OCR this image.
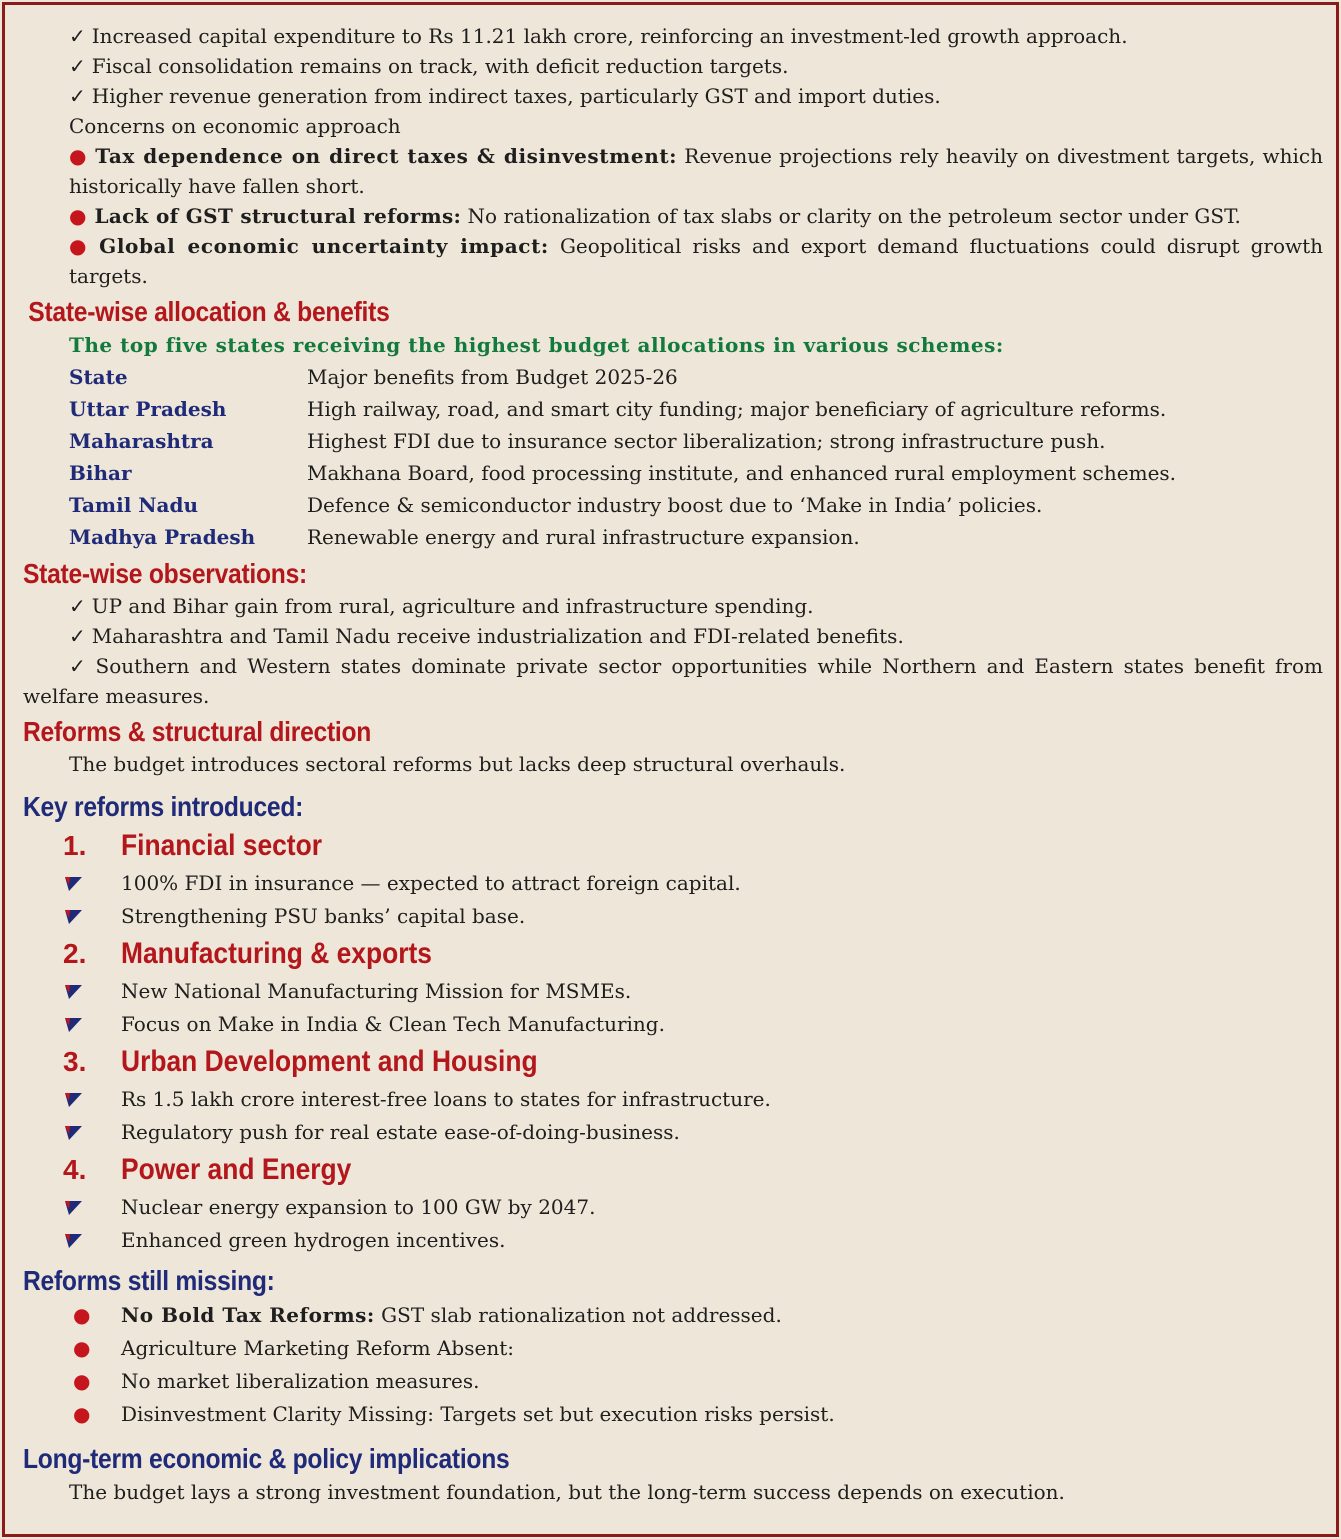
✓ Increased capital expenditure to Rs 11.21 lakh crore, reinforcing an investment-led growth approach.
✓ Fiscal consolidation remains on track, with deficit reduction targets.
✓ Higher revenue generation from indirect taxes, particularly GST and import duties.
Concerns on economic approach
● Tax dependence on direct taxes & disinvestment: Revenue projections rely heavily on divestment targets, which historically have fallen short.
● Lack of GST structural reforms: No rationalization of tax slabs or clarity on the petroleum sector under GST.
● Global economic uncertainty impact: Geopolitical risks and export demand fluctuations could disrupt growth targets.
State-wise allocation & benefits
The top five states receiving the highest budget allocations in various schemes:
State	Major benefits from Budget 2025-26
Uttar Pradesh	High railway, road, and smart city funding; major beneficiary of agriculture reforms.
Maharashtra	Highest FDI due to insurance sector liberalization; strong infrastructure push.
Bihar	Makhana Board, food processing institute, and enhanced rural employment schemes.
Tamil Nadu	Defence & semiconductor industry boost due to ‘Make in India’ policies.
Madhya Pradesh	Renewable energy and rural infrastructure expansion.
State-wise observations:
✓ UP and Bihar gain from rural, agriculture and infrastructure spending.
✓ Maharashtra and Tamil Nadu receive industrialization and FDI-related benefits.
✓ Southern and Western states dominate private sector opportunities while Northern and Eastern states benefit from welfare measures.
Reforms & structural direction
The budget introduces sectoral reforms but lacks deep structural overhauls.
Key reforms introduced:
1.	Financial sector
100% FDI in insurance — expected to attract foreign capital.
Strengthening PSU banks’ capital base.
2.	Manufacturing & exports
New National Manufacturing Mission for MSMEs.
Focus on Make in India & Clean Tech Manufacturing.
3.	Urban Development and Housing
Rs 1.5 lakh crore interest-free loans to states for infrastructure.
Regulatory push for real estate ease-of-doing-business.
4.	Power and Energy
Nuclear energy expansion to 100 GW by 2047.
Enhanced green hydrogen incentives.
Reforms still missing:
●	No Bold Tax Reforms: GST slab rationalization not addressed.
●	Agriculture Marketing Reform Absent:
●	No market liberalization measures.
●	Disinvestment Clarity Missing: Targets set but execution risks persist.
Long-term economic & policy implications
The budget lays a strong investment foundation, but the long-term success depends on execution.
